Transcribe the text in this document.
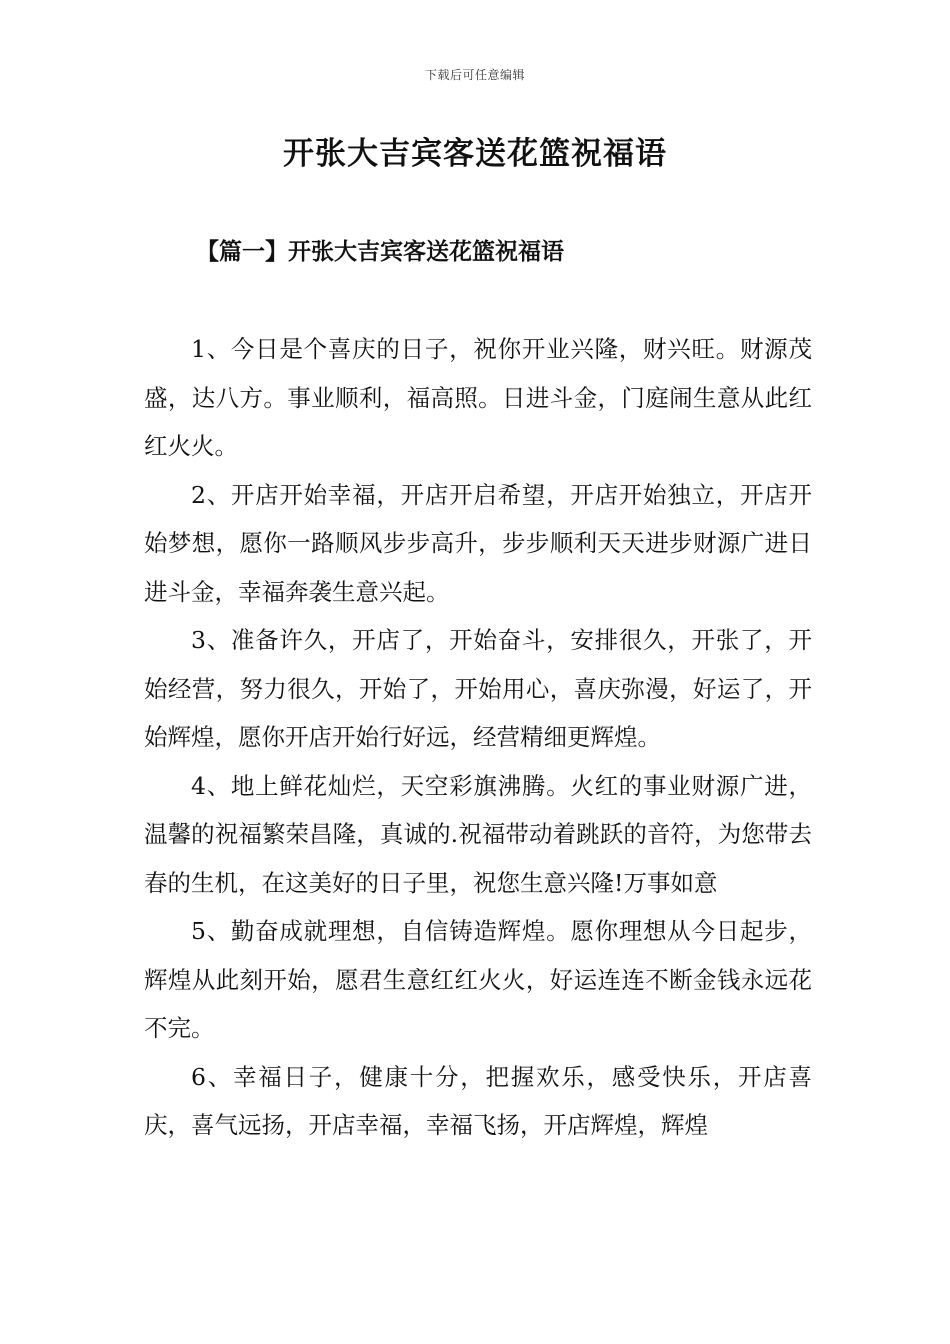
下载后可任意编辑
开张大吉宾客送花篮祝福语
【篇一】开张大吉宾客送花篮祝福语

1、今日是个喜庆的日子，祝你开业兴隆，财兴旺。财源茂盛，达八方。事业顺利，福高照。日进斗金，门庭闹生意从此红红火火。

2、开店开始幸福，开店开启希望，开店开始独立，开店开始梦想，愿你一路顺风步步高升，步步顺利天天进步财源广进日进斗金，幸福奔袭生意兴起。

3、准备许久，开店了，开始奋斗，安排很久，开张了，开始经营，努力很久，开始了，开始用心，喜庆弥漫，好运了，开始辉煌，愿你开店开始行好远，经营精细更辉煌。

4、地上鲜花灿烂，天空彩旗沸腾。火红的事业财源广进，温馨的祝福繁荣昌隆，真诚的.祝福带动着跳跃的音符，为您带去春的生机，在这美好的日子里，祝您生意兴隆!万事如意

5、勤奋成就理想，自信铸造辉煌。愿你理想从今日起步，辉煌从此刻开始，愿君生意红红火火，好运连连不断金钱永远花不完。

6、幸福日子，健康十分，把握欢乐，感受快乐，开店喜庆，喜气远扬，开店幸福，幸福飞扬，开店辉煌，辉煌
